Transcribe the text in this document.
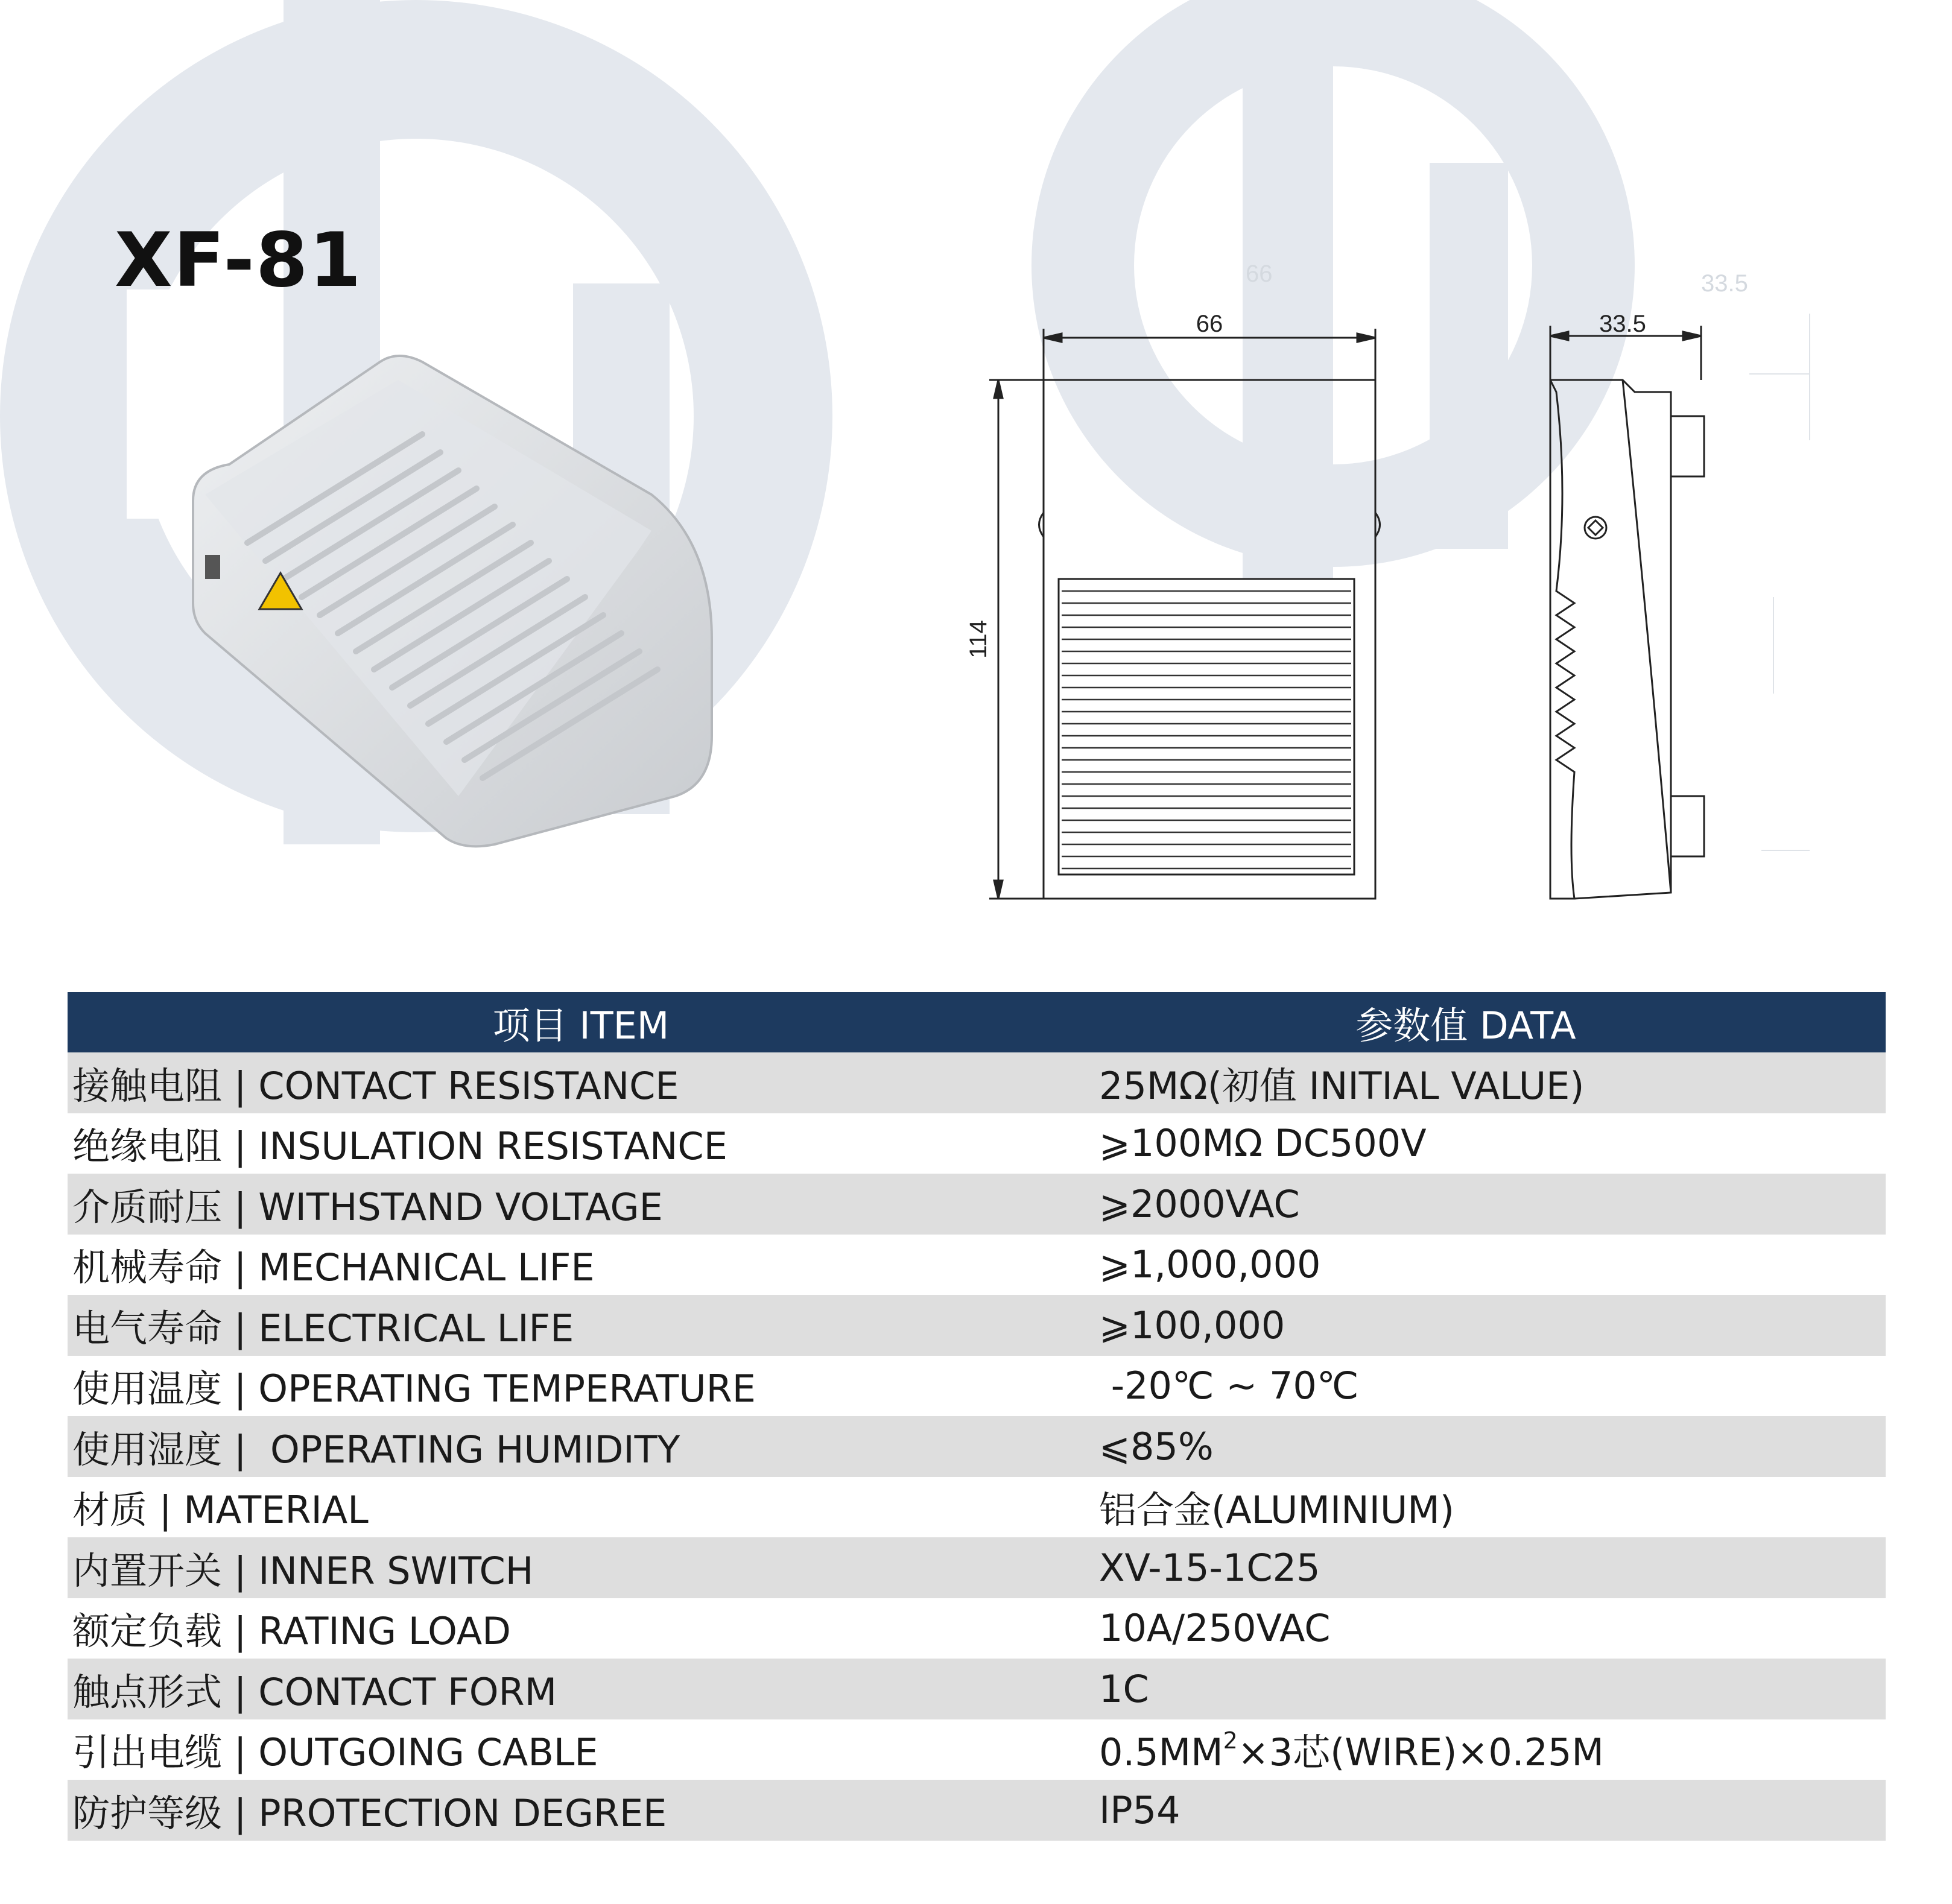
XF-81
66
114
66	33.5
33.5
项目 ITEM	参数值 DATA
接触电阻 | CONTACT RESISTANCE	25MΩ(初值 INITIAL VALUE)
绝缘电阻 | INSULATION RESISTANCE	⩾100MΩ DC500V
介质耐压 | WITHSTAND VOLTAGE	⩾2000VAC
机械寿命 | MECHANICAL LIFE	⩾1,000,000
电气寿命 | ELECTRICAL LIFE	⩾100,000
使用温度 | OPERATING TEMPERATURE	-20℃ ~ 70℃
使用湿度 |  OPERATING HUMIDITY	⩽85%
材质 | MATERIAL	铝合金(ALUMINIUM)
内置开关 | INNER SWITCH	XV-15-1C25
额定负载 | RATING LOAD	10A/250VAC
触点形式 | CONTACT FORM	1C
引出电缆 | OUTGOING CABLE	$0.5MM^2\times 3$芯(WIRE)×0.25M
防护等级 | PROTECTION DEGREE	IP54
